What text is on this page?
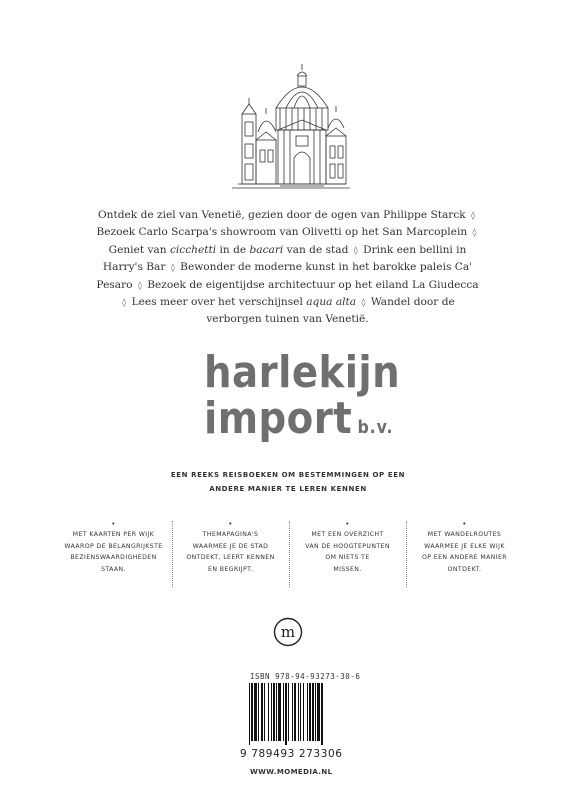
Ontdek de ziel van Venetië, gezien door de ogen van Philippe Starck ◊ Bezoek Carlo Scarpa's showroom van Olivetti op het San Marcoplein ◊ Geniet van cicchetti in de bacari van de stad ◊ Drink een bellini in Harry's Bar ◊ Bewonder de moderne kunst in het barokke paleis Ca' Pesaro ◊ Bezoek de eigentijdse architectuur op het eiland La Giudecca ◊ Lees meer over het verschijnsel aqua alta ◊ Wandel door de verborgen tuinen van Venetië.
harlekijn
import b.v.
EEN REEKS REISBOEKEN OM BESTEMMINGEN OP EEN
ANDERE MANIER TE LEREN KENNEN
•
MET KAARTEN PER WIJK
WAAROP DE BELANGRIJKSTE
BEZIENSWAARDIGHEDEN
STAAN.
•
THEMAPAGINA'S
WAARMEE JE DE STAD
ONTDEKT, LEERT KENNEN
EN BEGRIJPT.
•
MET EEN OVERZICHT
VAN DE HOOGTEPUNTEN
OM NIETS TE
MISSEN.
•
MET WANDELROUTES
WAARMEE JE ELKE WIJK
OP EEN ANDERE MANIER
ONTDEKT.
m
ISBN 978-94-93273-30-6
9 789493 273306
WWW.MOMEDIA.NL
